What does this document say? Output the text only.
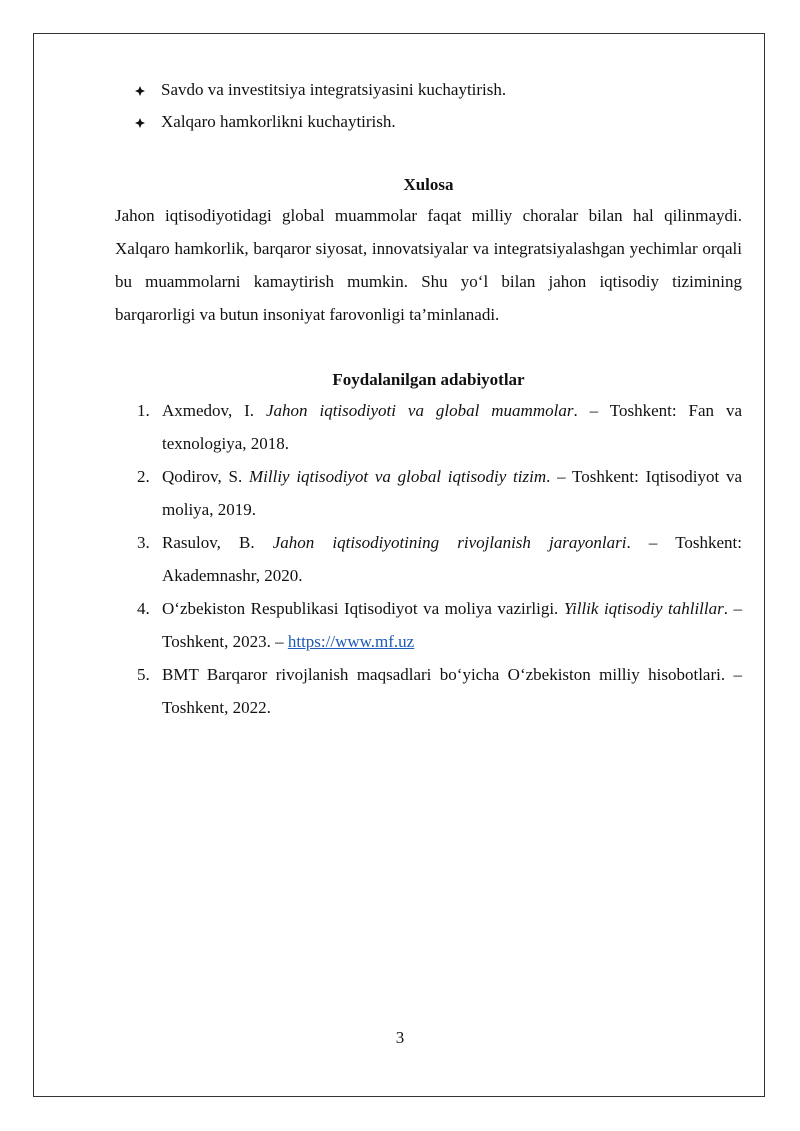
Savdo va investitsiya integratsiyasini kuchaytirish.
Xalqaro hamkorlikni kuchaytirish.
Xulosa

Jahon iqtisodiyotidagi global muammolar faqat milliy choralar bilan hal qilinmaydi. Xalqaro hamkorlik, barqaror siyosat, innovatsiyalar va integratsiyalashgan yechimlar orqali bu muammolarni kamaytirish mumkin. Shu yo‘l bilan jahon iqtisodiy tizimining barqarorligi va butun insoniyat farovonligi ta’minlanadi.

Foydalanilgan adabiyotlar
1. Axmedov, I. Jahon iqtisodiyoti va global muammolar. – Toshkent: Fan va texnologiya, 2018.
2. Qodirov, S. Milliy iqtisodiyot va global iqtisodiy tizim. – Toshkent: Iqtisodiyot va moliya, 2019.
3. Rasulov, B. Jahon iqtisodiyotining rivojlanish jarayonlari. – Toshkent: Akademnashr, 2020.
4. O‘zbekiston Respublikasi Iqtisodiyot va moliya vazirligi. Yillik iqtisodiy tahlillar. – Toshkent, 2023. – https://www.mf.uz
5. BMT Barqaror rivojlanish maqsadlari bo‘yicha O‘zbekiston milliy hisobotlari. – Toshkent, 2022.
3
